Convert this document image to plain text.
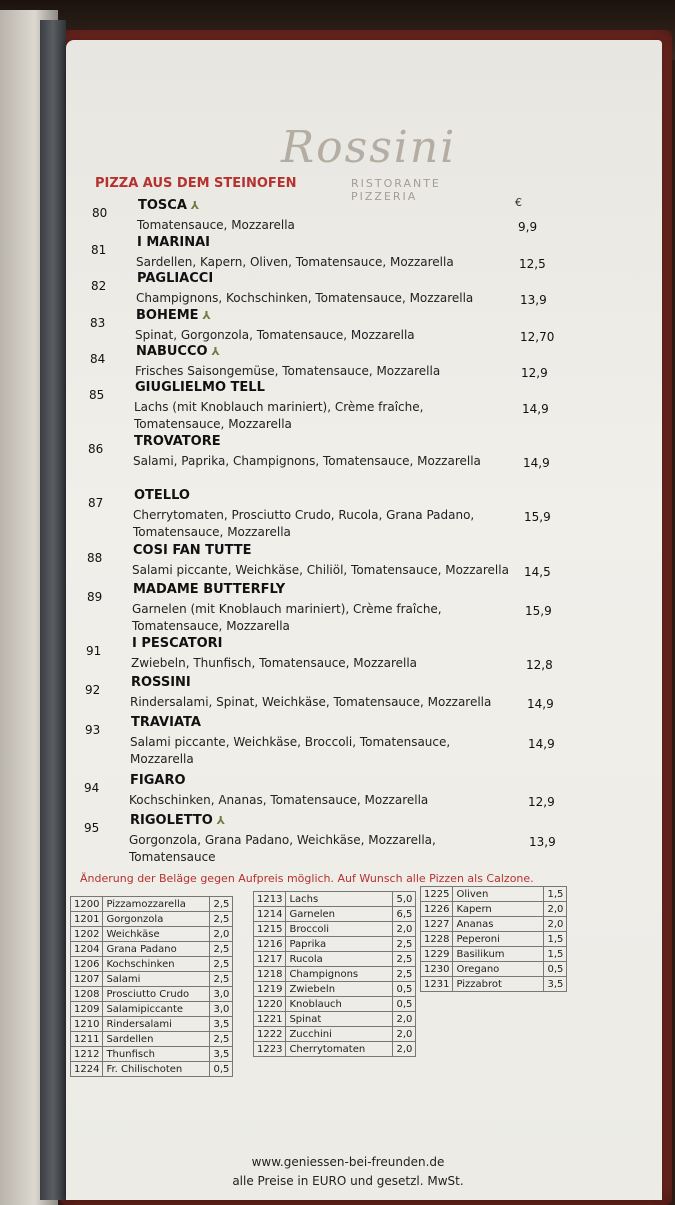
Rossini
RISTORANTE PIZZERIA
PIZZA AUS DEM STEINOFEN
€
80 TOSCA ⅄
Tomatensauce, Mozzarella	9,9
81 I MARINAI
Sardellen, Kapern, Oliven, Tomatensauce, Mozzarella	12,5
82 PAGLIACCI
Champignons, Kochschinken, Tomatensauce, Mozzarella	13,9
83 BOHEME ⅄
Spinat, Gorgonzola, Tomatensauce, Mozzarella	12,70
84 NABUCCO ⅄
Frisches Saisongemüse, Tomatensauce, Mozzarella	12,9
85 GIUGLIELMO TELL
Lachs (mit Knoblauch mariniert), Crème fraîche, Tomatensauce, Mozzarella
14,9
86 TROVATORE
Salami, Paprika, Champignons, Tomatensauce, Mozzarella	14,9
87 OTELLO
Cherrytomaten, Prosciutto Crudo, Rucola, Grana Padano, Tomatensauce, Mozzarella
15,9
88 COSI FAN TUTTE
Salami piccante, Weichkäse, Chiliöl, Tomatensauce, Mozzarella 14,5
89 MADAME BUTTERFLY
Garnelen (mit Knoblauch mariniert), Crème fraîche, Tomatensauce, Mozzarella
15,9
91 I PESCATORI
Zwiebeln, Thunfisch, Tomatensauce, Mozzarella	12,8
92 ROSSINI
Rindersalami, Spinat, Weichkäse, Tomatensauce, Mozzarella	14,9
93 TRAVIATA
Salami piccante, Weichkäse, Broccoli, Tomatensauce, Mozzarella
14,9
94 FIGARO
Kochschinken, Ananas, Tomatensauce, Mozzarella	12,9
95 RIGOLETTO ⅄
Gorgonzola, Grana Padano, Weichkäse, Mozzarella, Tomatensauce
13,9
Änderung der Beläge gegen Aufpreis möglich. Auf Wunsch alle Pizzen als Calzone.
1200	Pizzamozzarella	2,5
1201	Gorgonzola	2,5
1202	Weichkäse	2,0
1204	Grana Padano	2,5
1206	Kochschinken	2,5
1207	Salami	2,5
1208	Prosciutto Crudo	3,0
1209	Salamipiccante	3,0
1210	Rindersalami	3,5
1211	Sardellen	2,5
1212	Thunfisch	3,5
1224	Fr. Chilischoten	0,5
1213	Lachs	5,0
1214	Garnelen	6,5
1215	Broccoli	2,0
1216	Paprika	2,5
1217	Rucola	2,5
1218	Champignons	2,5
1219	Zwiebeln	0,5
1220	Knoblauch	0,5
1221	Spinat	2,0
1222	Zucchini	2,0
1223	Cherrytomaten	2,0
1225	Oliven	1,5
1226	Kapern	2,0
1227	Ananas	2,0
1228	Peperoni	1,5
1229	Basilikum	1,5
1230	Oregano	0,5
1231	Pizzabrot	3,5
www.geniessen-bei-freunden.de
alle Preise in EURO und gesetzl. MwSt.
